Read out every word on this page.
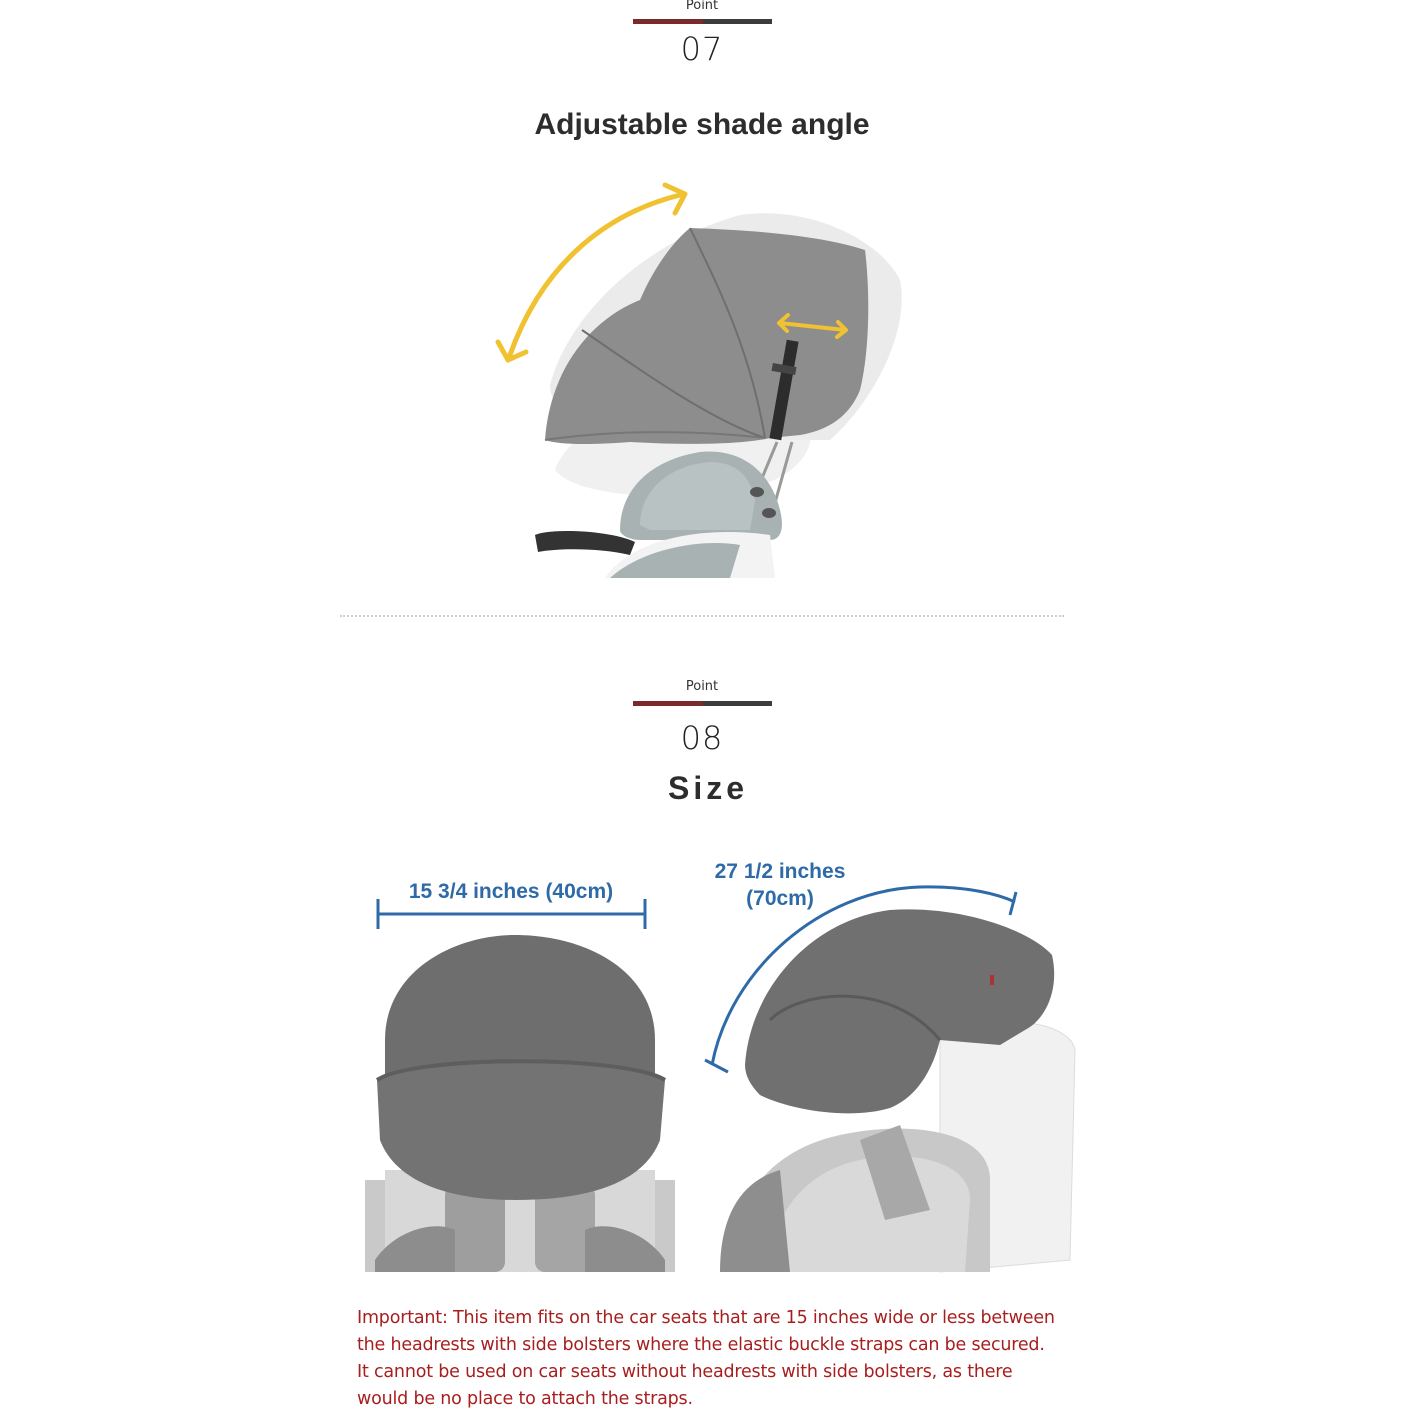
Point
07
Adjustable shade angle
Point
08
Size
15 3/4 inches (40cm)
27 1/2 inches
(70cm)
Important: This item fits on the car seats that are 15 inches wide or less between the headrests with side bolsters where the elastic buckle straps can be secured. It cannot be used on car seats without headrests with side bolsters, as there would be no place to attach the straps.
